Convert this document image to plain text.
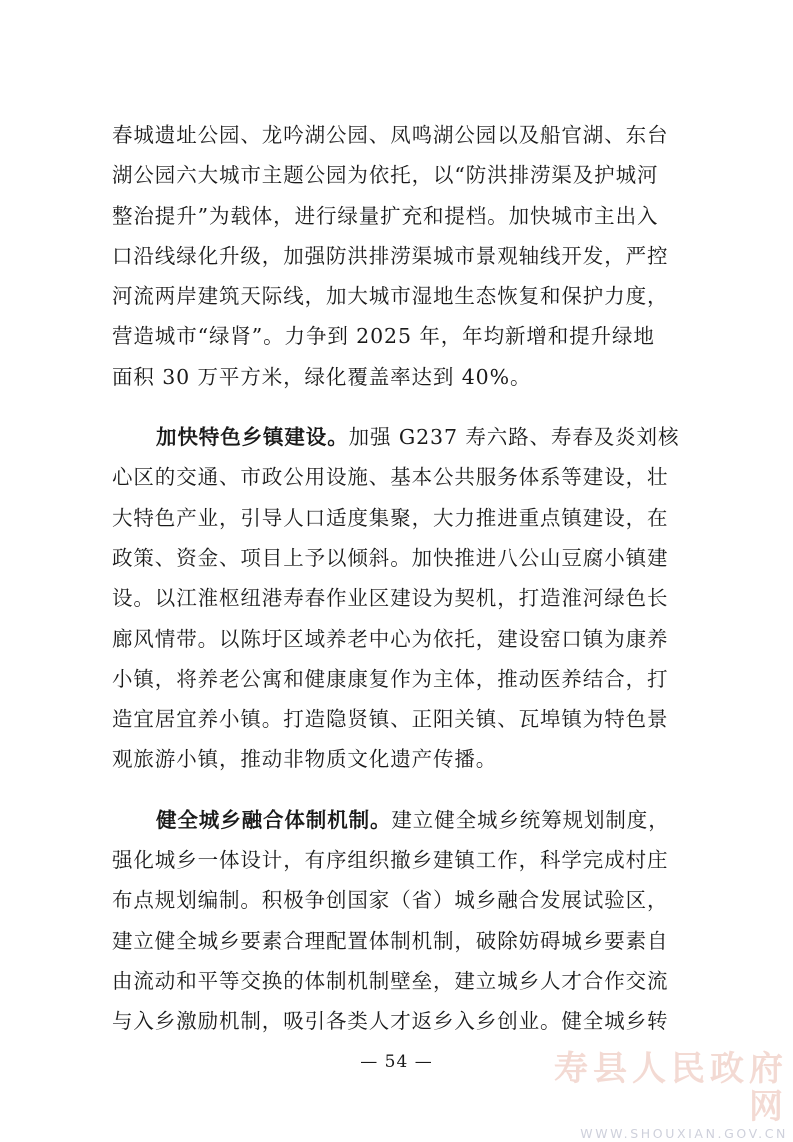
春城遗址公园、龙吟湖公园、凤鸣湖公园以及船官湖、东台
湖公园六大城市主题公园为依托，以“防洪排涝渠及护城河
整治提升”为载体，进行绿量扩充和提档。加快城市主出入
口沿线绿化升级，加强防洪排涝渠城市景观轴线开发，严控
河流两岸建筑天际线，加大城市湿地生态恢复和保护力度，
营造城市“绿肾”。力争到 2025 年，年均新增和提升绿地
面积 30 万平方米，绿化覆盖率达到 40%。
加快特色乡镇建设。加强 G237 寿六路、寿春及炎刘核
心区的交通、市政公用设施、基本公共服务体系等建设，壮
大特色产业，引导人口适度集聚，大力推进重点镇建设，在
政策、资金、项目上予以倾斜。加快推进八公山豆腐小镇建
设。以江淮枢纽港寿春作业区建设为契机，打造淮河绿色长
廊风情带。以陈圩区域养老中心为依托，建设窑口镇为康养
小镇，将养老公寓和健康康复作为主体，推动医养结合，打
造宜居宜养小镇。打造隐贤镇、正阳关镇、瓦埠镇为特色景
观旅游小镇，推动非物质文化遗产传播。
健全城乡融合体制机制。建立健全城乡统筹规划制度，
强化城乡一体设计，有序组织撤乡建镇工作，科学完成村庄
布点规划编制。积极争创国家（省）城乡融合发展试验区，
建立健全城乡要素合理配置体制机制，破除妨碍城乡要素自
由流动和平等交换的体制机制壁垒，建立城乡人才合作交流
与入乡激励机制，吸引各类人才返乡入乡创业。健全城乡转
— 54 —	寿县人民政府网
WWW.SHOUXIAN.GOV.CN
